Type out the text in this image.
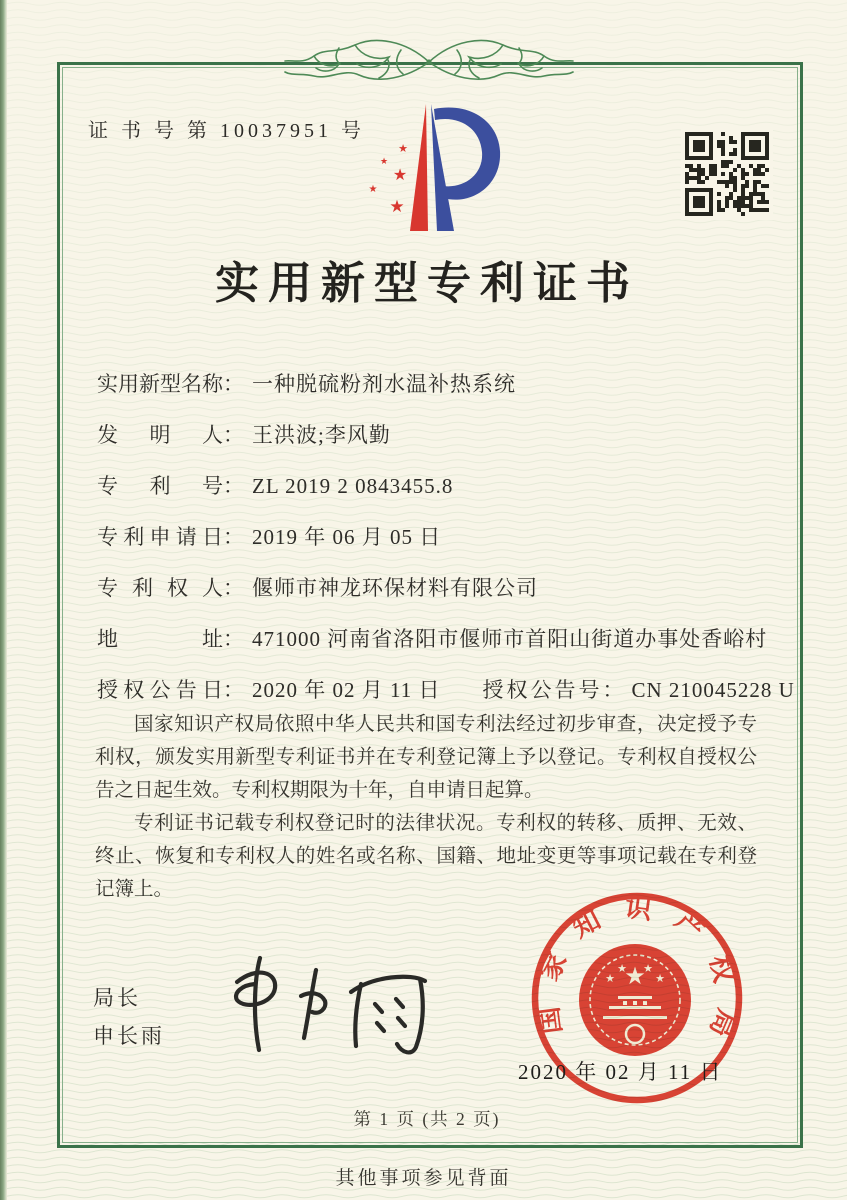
证 书 号 第 10037951 号
★
★
★
★
★
实用新型专利证书
实用新型名称： 一种脱硫粉剂水温补热系统
发明人： 王洪波;李风勤
专利号： ZL 2019 2 0843455.8
专利申请日： 2019 年 06 月 05 日
专利权人： 偃师市神龙环保材料有限公司
地址： 471000 河南省洛阳市偃师市首阳山街道办事处香峪村
授权公告日： 2020 年 02 月 11 日 授权公告号： CN 210045228 U

国家知识产权局依照中华人民共和国专利法经过初步审查，决定授予专利权，颁发实用新型专利证书并在专利登记簿上予以登记。专利权自授权公告之日起生效。专利权期限为十年，自申请日起算。

专利证书记载专利权登记时的法律状况。专利权的转移、质押、无效、终止、恢复和专利权人的姓名或名称、国籍、地址变更等事项记载在专利登记簿上。

局长
申长雨
国家知识产权局
★
★
★ ★
★
2020 年 02 月 11 日
第 1 页 (共 2 页)
其他事项参见背面
